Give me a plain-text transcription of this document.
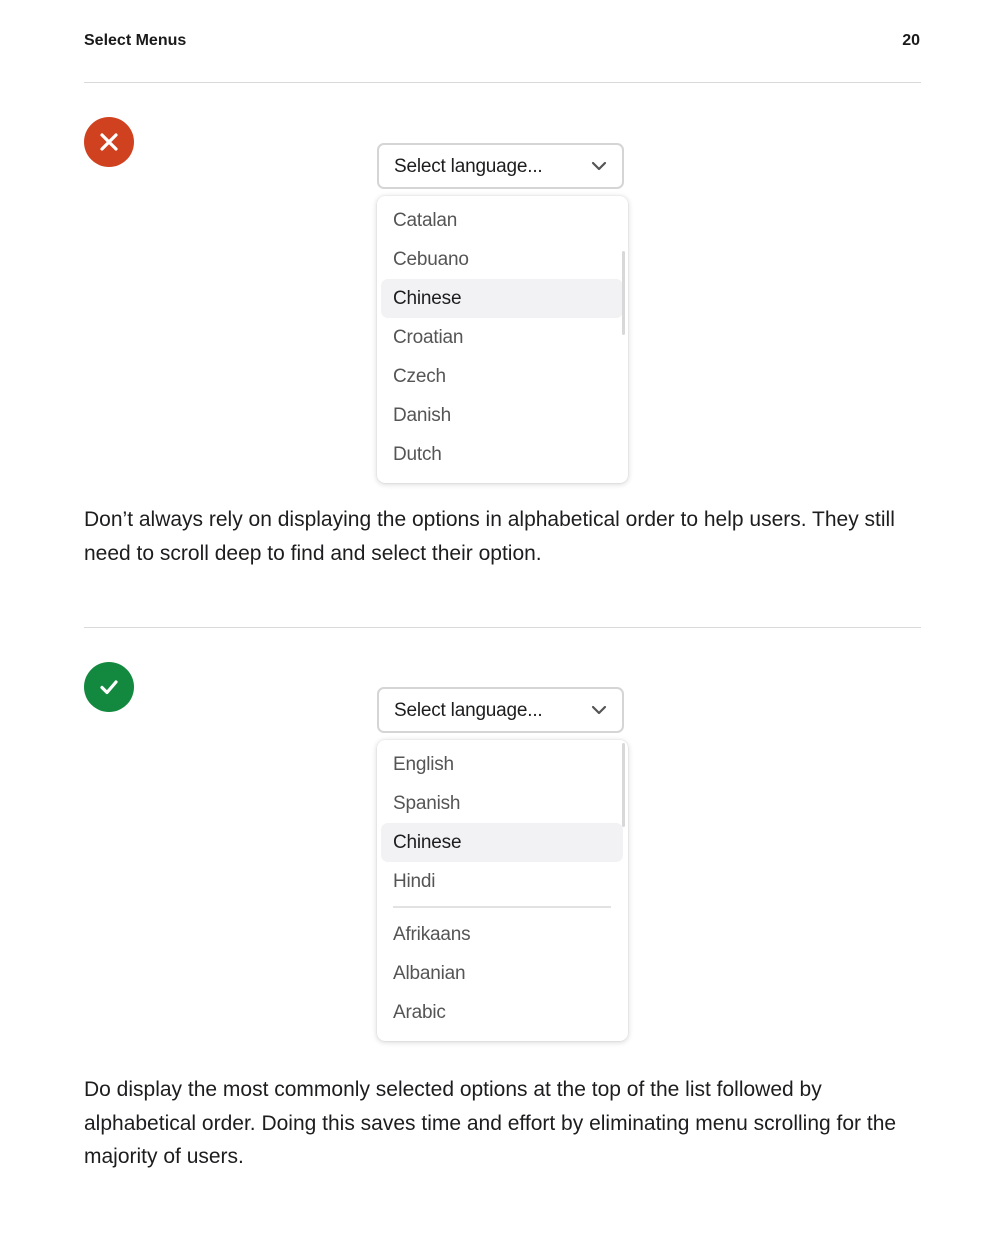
Select Menus	20
Select language...
Catalan
Cebuano
Chinese
Croatian
Czech
Danish
Dutch

Don’t always rely on displaying the options in alphabetical order to help users. They still need to scroll deep to find and select their option.

Select language...
English
Spanish
Chinese
Hindi
Afrikaans
Albanian
Arabic

Do display the most commonly selected options at the top of the list followed by alphabetical order. Doing this saves time and effort by eliminating menu scrolling for the majority of users.
